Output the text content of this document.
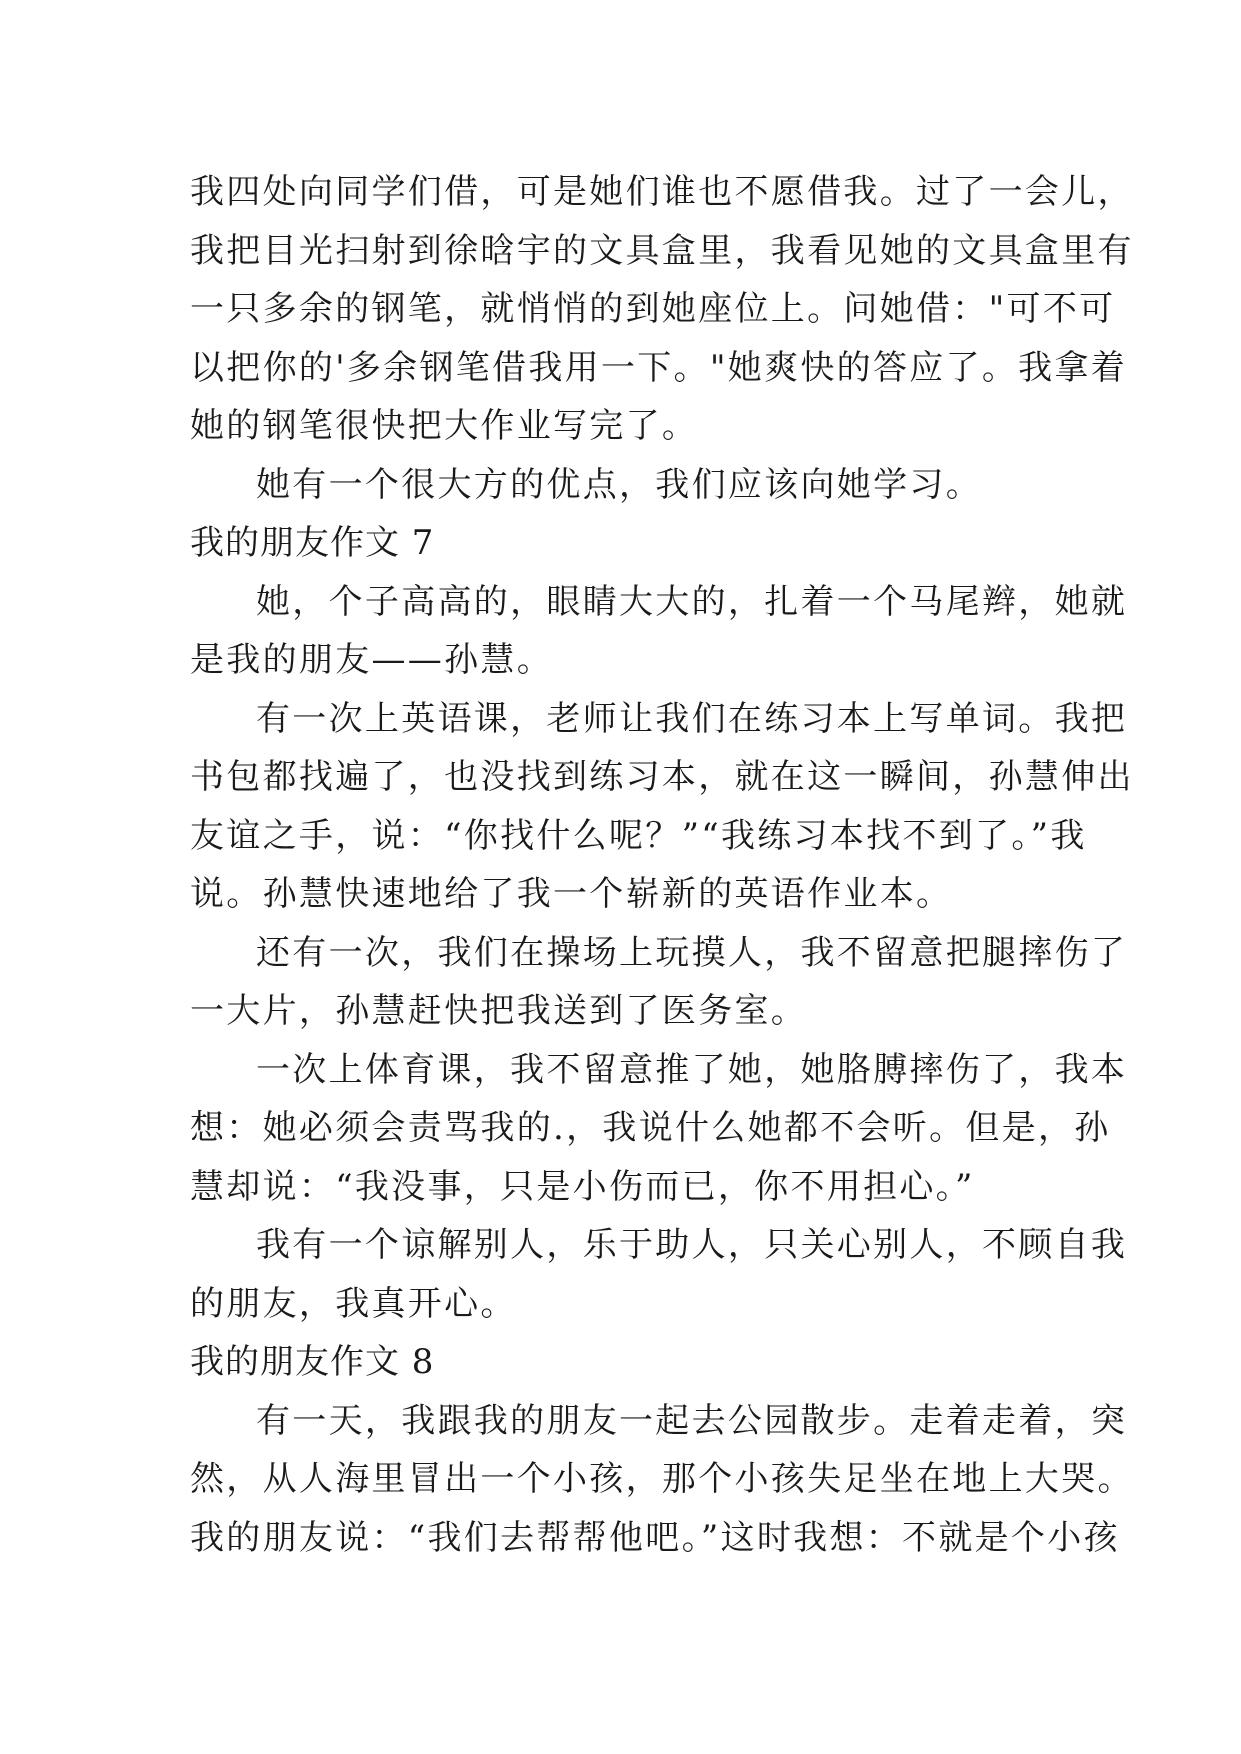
我四处向同学们借，可是她们谁也不愿借我。过了一会儿，
我把目光扫射到徐晗宇的文具盒里，我看见她的文具盒里有
一只多余的钢笔，就悄悄的到她座位上。问她借："可不可
以把你的'多余钢笔借我用一下。"她爽快的答应了。我拿着
她的钢笔很快把大作业写完了。
她有一个很大方的优点，我们应该向她学习。
我的朋友作文 7
她，个子高高的，眼睛大大的，扎着一个马尾辫，她就
是我的朋友——孙慧。
有一次上英语课，老师让我们在练习本上写单词。我把
书包都找遍了，也没找到练习本，就在这一瞬间，孙慧伸出
友谊之手，说：“你找什么呢？”“我练习本找不到了。”我
说。孙慧快速地给了我一个崭新的英语作业本。
还有一次，我们在操场上玩摸人，我不留意把腿摔伤了
一大片，孙慧赶快把我送到了医务室。
一次上体育课，我不留意推了她，她胳膊摔伤了，我本
想：她必须会责骂我的.，我说什么她都不会听。但是，孙
慧却说：“我没事，只是小伤而已，你不用担心。”
我有一个谅解别人，乐于助人，只关心别人，不顾自我
的朋友，我真开心。
我的朋友作文 8
有一天，我跟我的朋友一起去公园散步。走着走着，突
然，从人海里冒出一个小孩，那个小孩失足坐在地上大哭。
我的朋友说：“我们去帮帮他吧。”这时我想：不就是个小孩
